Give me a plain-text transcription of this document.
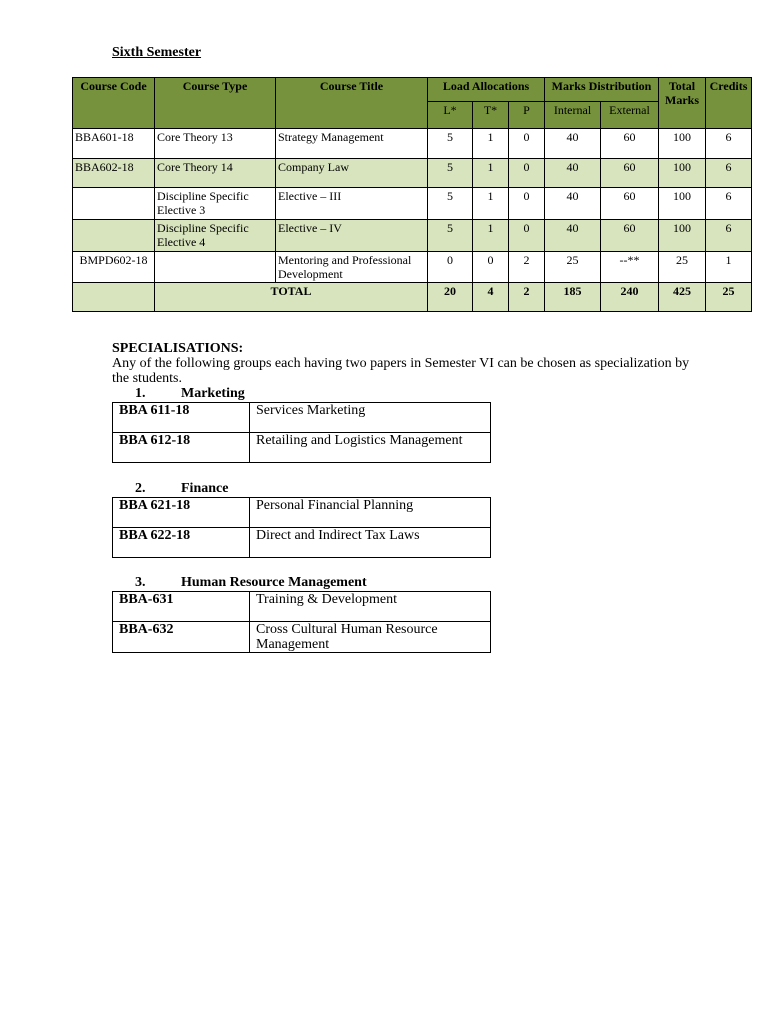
Sixth Semester
Course Code	Course Type	Course Title	Load Allocations			Marks Distribution		Total Marks	Credits
			L*	T*	P	Internal	External		
BBA601-18	Core Theory 13	Strategy Management	5	1	0	40	60	100	6
BBA602-18	Core Theory 14	Company Law	5	1	0	40	60	100	6
	Discipline Specific Elective 3	Elective – III	5	1	0	40	60	100	6
	Discipline Specific Elective 4	Elective – IV	5	1	0	40	60	100	6
BMPD602-18		Mentoring and Professional Development	0	0	2	25	--**	25	1
	TOTAL		20	4	2	185	240	425	25
SPECIALISATIONS:
Any of the following groups each having two papers in Semester VI can be chosen as specialization by the students.
1.	Marketing
BBA 611-18	Services Marketing
BBA 612-18	Retailing and Logistics Management
2.	Finance
BBA 621-18	Personal Financial Planning
BBA 622-18	Direct and Indirect Tax Laws
3.	Human Resource Management
BBA-631	Training & Development
BBA-632	Cross Cultural Human Resource Management
